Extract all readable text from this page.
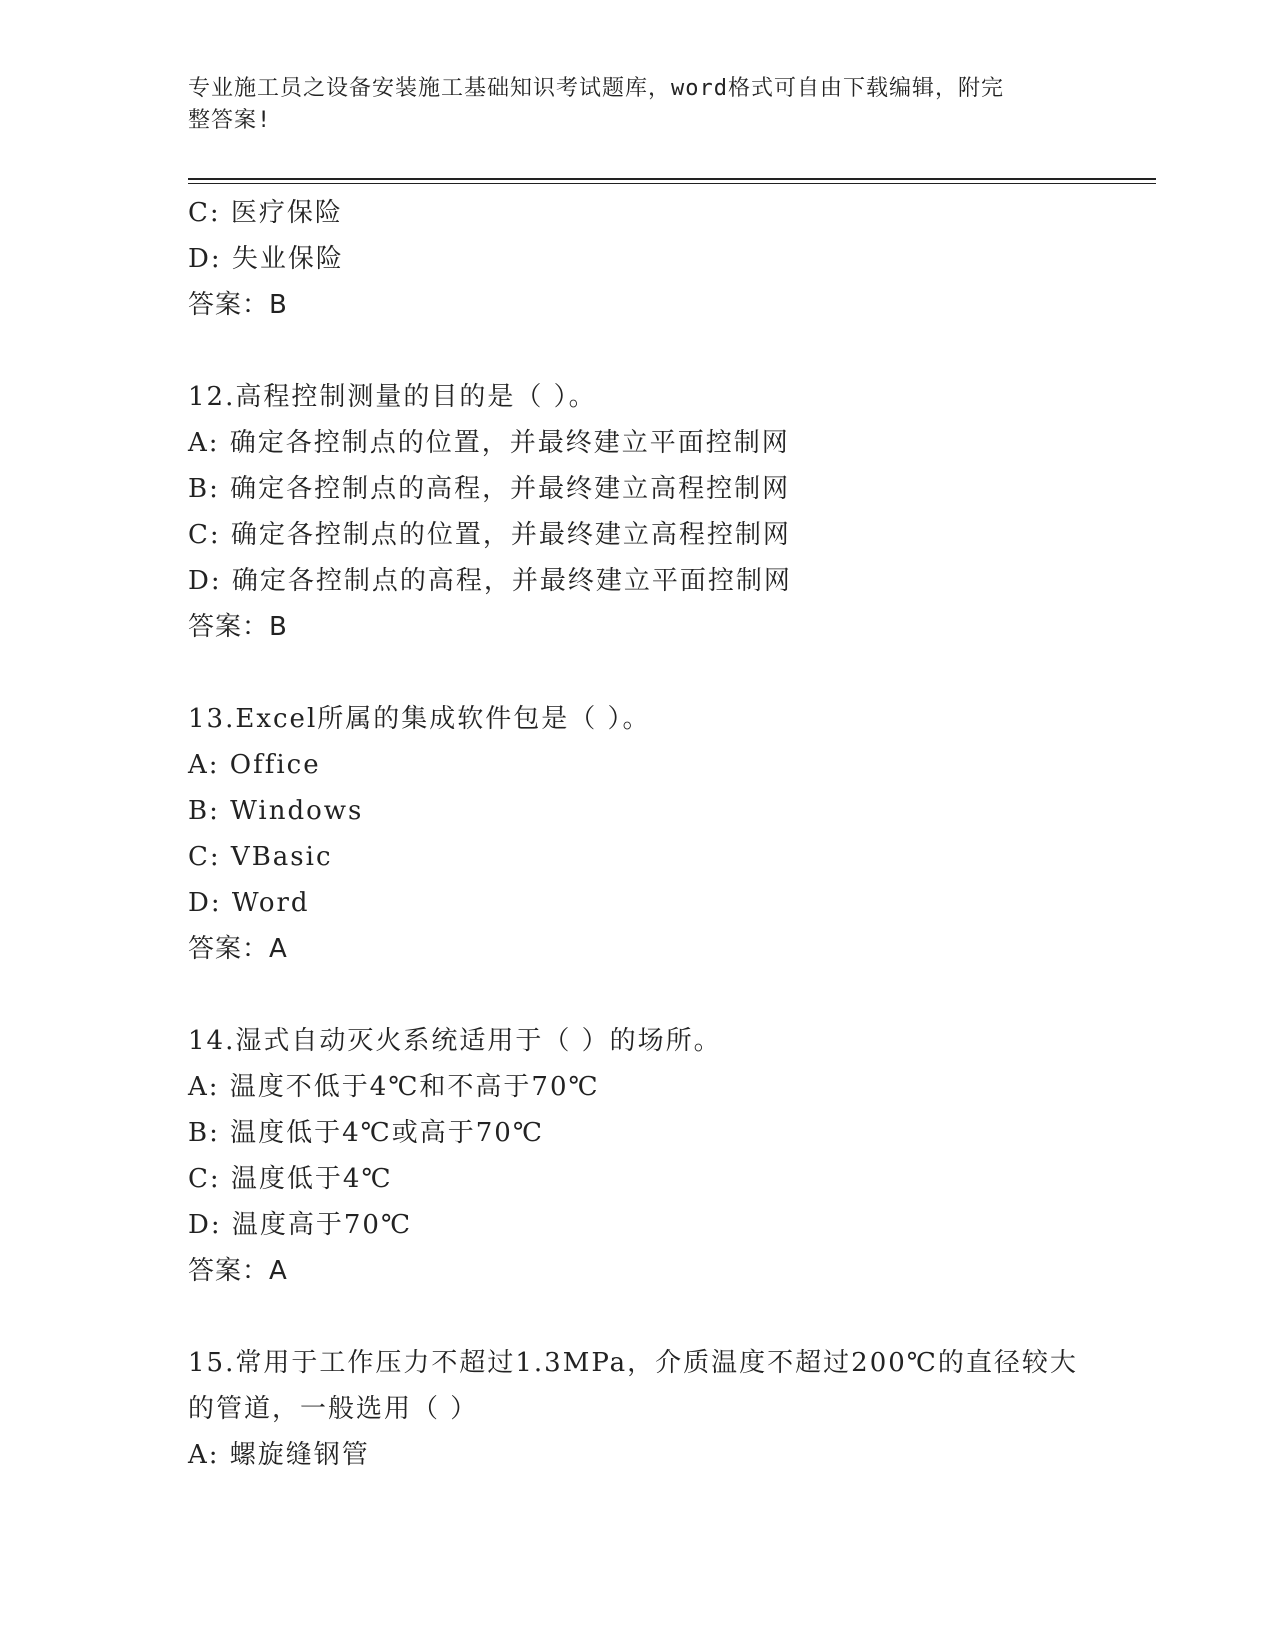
专业施工员之设备安装施工基础知识考试题库，word格式可自由下载编辑，附完
整答案!
C: 医疗保险
D: 失业保险
答案：B
12.高程控制测量的目的是（ ）。
A: 确定各控制点的位置，并最终建立平面控制网
B: 确定各控制点的高程，并最终建立高程控制网
C: 确定各控制点的位置，并最终建立高程控制网
D: 确定各控制点的高程，并最终建立平面控制网
答案：B
13.Excel所属的集成软件包是（ ）。
A: Office
B: Windows
C: VBasic
D: Word
答案：A
14.湿式自动灭火系统适用于（ ）的场所。
A: 温度不低于4℃和不高于70℃
B: 温度低于4℃或高于70℃
C: 温度低于4℃
D: 温度高于70℃
答案：A
15.常用于工作压力不超过1.3MPa，介质温度不超过200℃的直径较大
的管道，一般选用（ ）
A: 螺旋缝钢管
